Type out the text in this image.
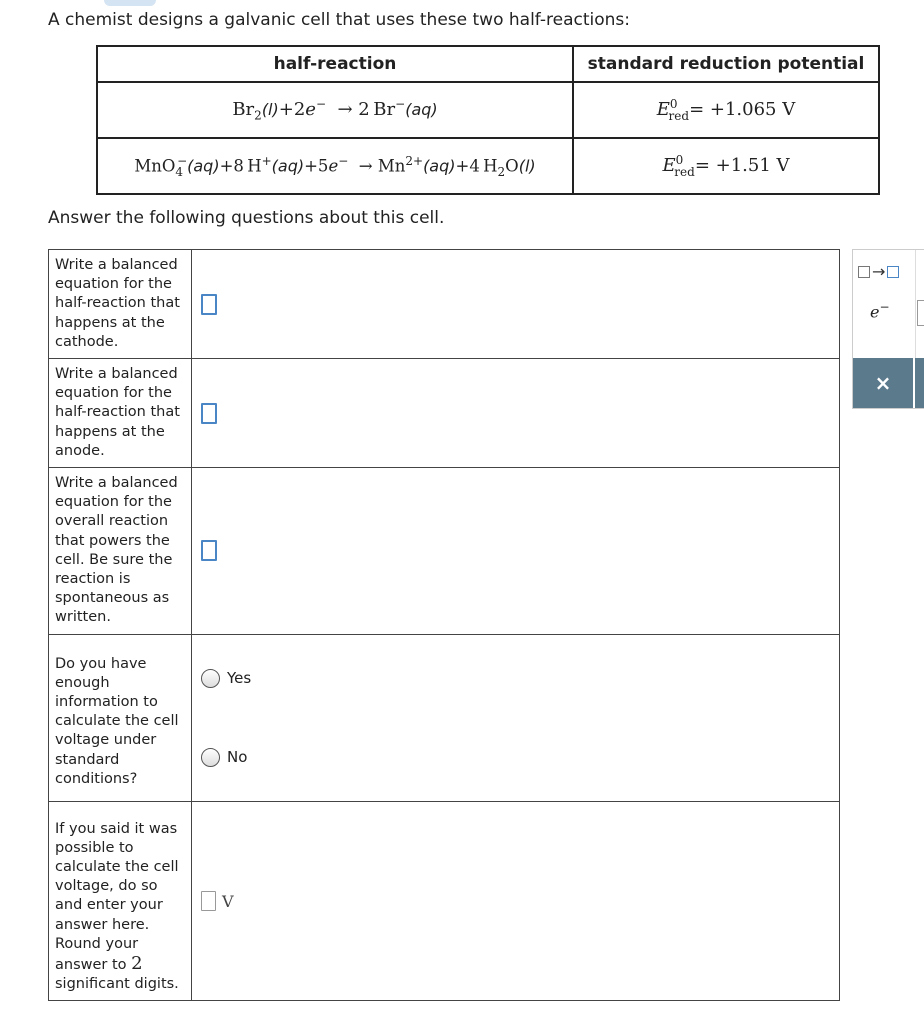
A chemist designs a galvanic cell that uses these two half-reactions:
half-reaction	standard reduction potential
$Br_2(l)+2e^- \to 2$ Br−(aq)	$E^0_{red}= +1.065$ V
MnO$_4$−(aq)+8 $H^+(aq)+5e^- \to Mn^{2+}(aq)+4$ $H_2O(l)$	$E^0_{red}= +1.51$ V
Answer the following questions about this cell.
Write a balanced equation for the half-reaction that happens at the cathode.	
Write a balanced equation for the half-reaction that happens at the anode.	
Write a balanced equation for the overall reaction that powers the cell. Be sure the reaction is spontaneous as written.	
Do you have enough information to calculate the cell voltage under standard conditions?	Yes
No

If you said it was possible to calculate the cell voltage, do so and enter your answer here. Round your answer to 2 significant digits.	V
→
e−
×
